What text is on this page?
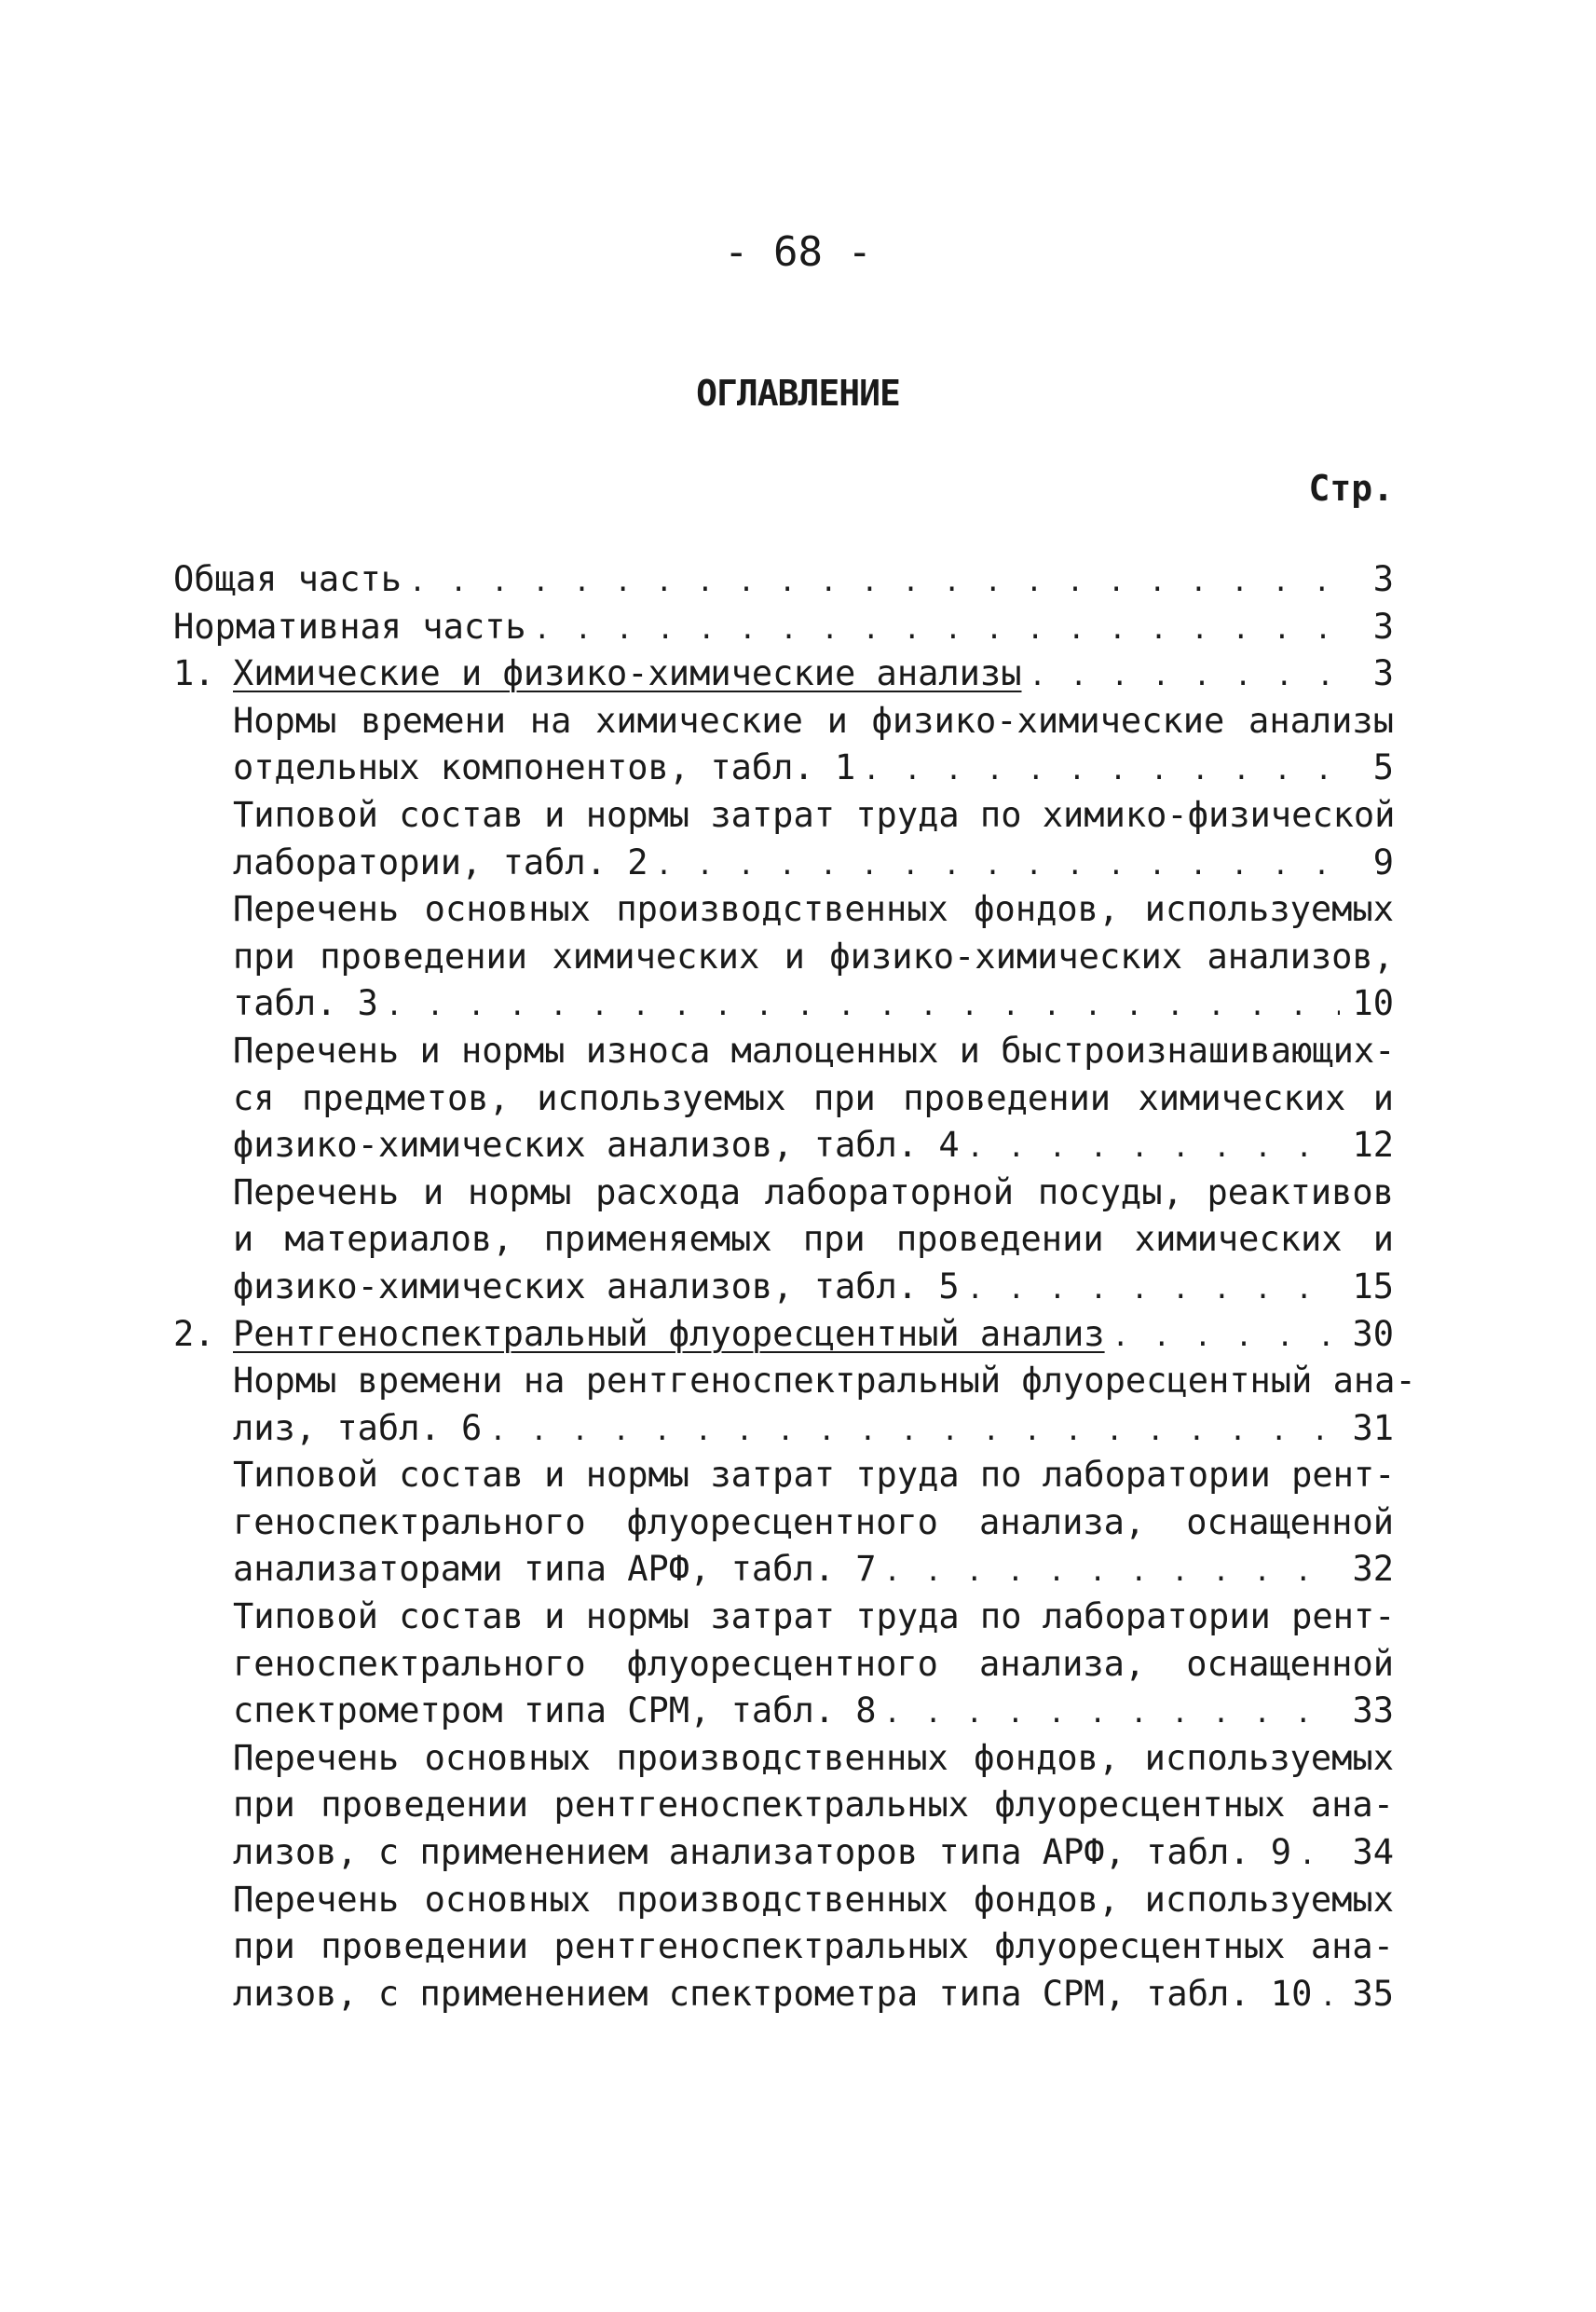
- 68 -
ОГЛАВЛЕНИЕ
Стр.
Общая часть . . .	3
Нормативная часть . . .	3
1. Химические и физико-химические анализы . . .	3
Нормы времени на химические и физико-химические анализы
отдельных компонентов, табл. 1 . . .	5
Типовой состав и нормы затрат труда по химико-физической
лаборатории, табл. 2 . . .	9
Перечень основных производственных фондов, используемых
при проведении химических и физико-химических анализов,
табл. 3 . . .	10
Перечень и нормы износа малоценных и быстроизнашивающих-
ся предметов, используемых при проведении химических и
физико-химических анализов, табл. 4 . . .	12
Перечень и нормы расхода лабораторной посуды, реактивов
и материалов, применяемых при проведении химических и
физико-химических анализов, табл. 5 . . .	15
2. Рентгеноспектральный флуоресцентный анализ . . .	30
Нормы времени на рентгеноспектральный флуоресцентный ана-
лиз, табл. 6 . . .	31
Типовой состав и нормы затрат труда по лаборатории рент-
геноспектрального флуоресцентного анализа, оснащенной
анализаторами типа АРФ, табл. 7 . . .	32
Типовой состав и нормы затрат труда по лаборатории рент-
геноспектрального флуоресцентного анализа, оснащенной
спектрометром типа СРМ, табл. 8 . . .	33
Перечень основных производственных фондов, используемых
при проведении рентгеноспектральных флуоресцентных ана-
лизов, с применением анализаторов типа АРФ, табл. 9 . . . 34
Перечень основных производственных фондов, используемых
при проведении рентгеноспектральных флуоресцентных ана-
лизов, с применением спектрометра типа СРМ, табл. 10 . . . 35
